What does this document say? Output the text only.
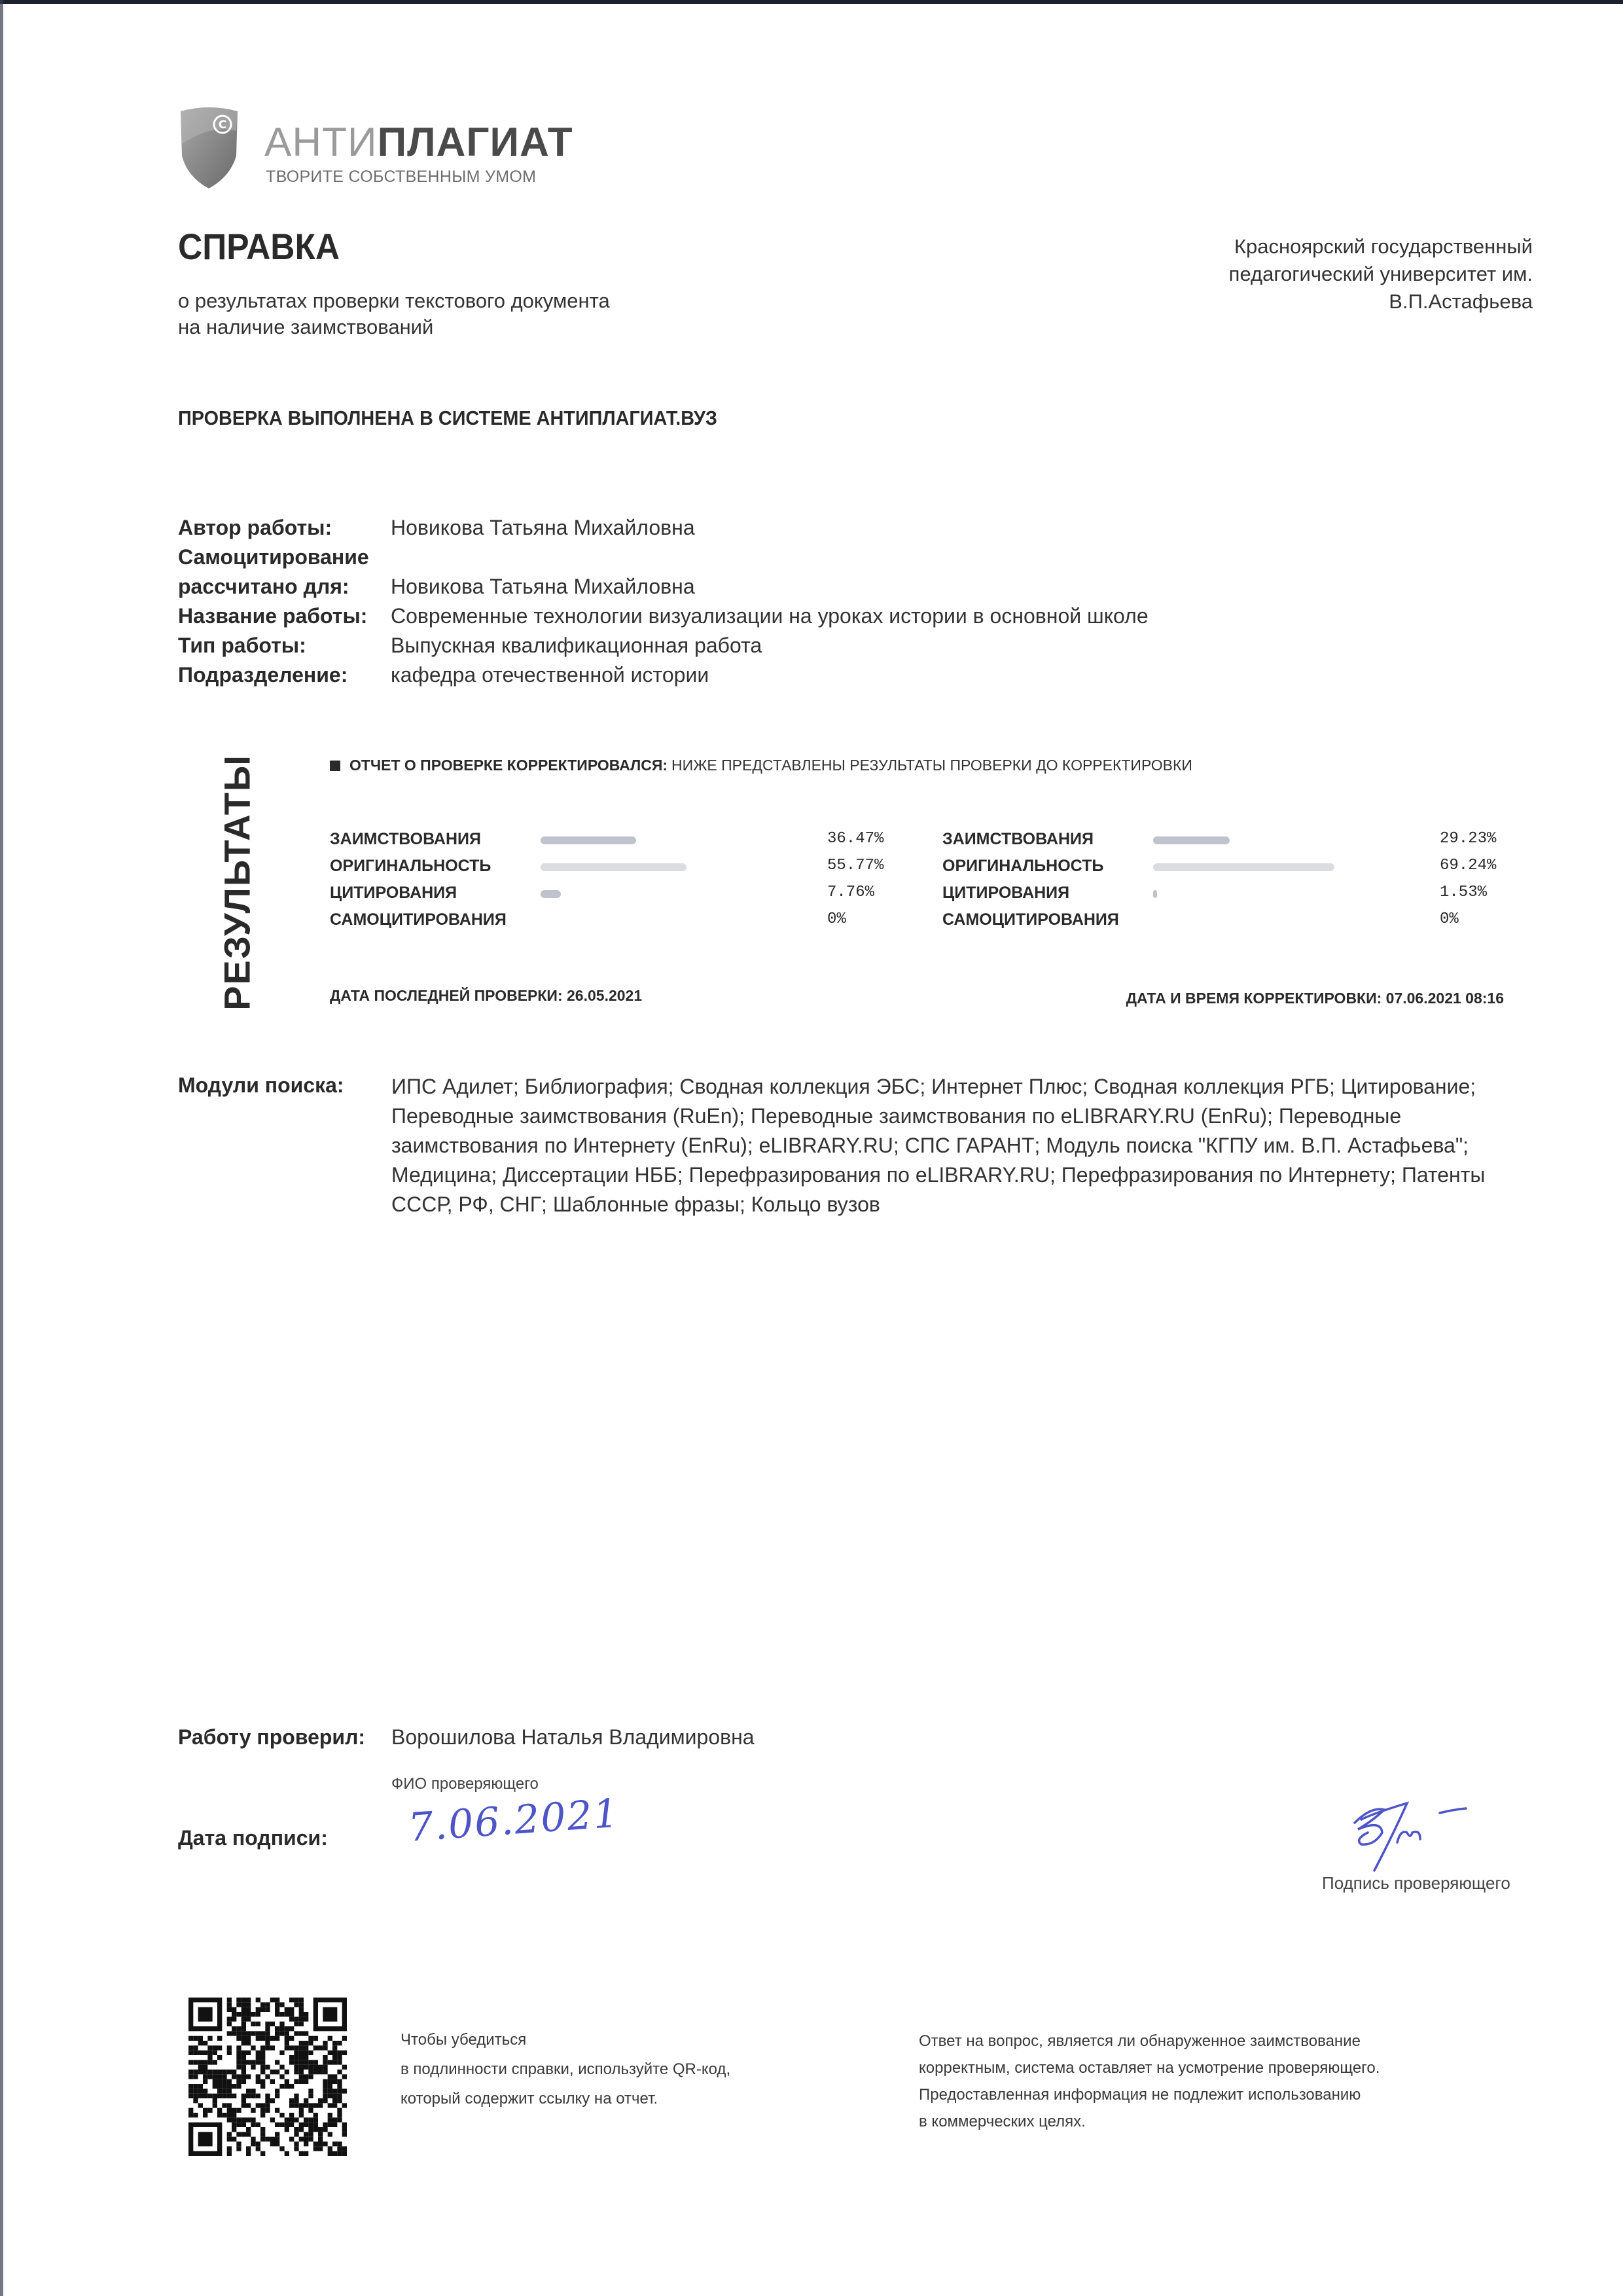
C АНТИПЛАГИАТ
ТВОРИТЕ СОБСТВЕННЫМ УМОМ
СПРАВКА
о результатах проверки текстового документа
на наличие заимствований
Красноярский государственный
педагогический университет им.
В.П.Астафьева
ПРОВЕРКА ВЫПОЛНЕНА В СИСТЕМЕ АНТИПЛАГИАТ.ВУЗ
Автор работы:	Новикова Татьяна Михайловна
Самоцитирование
рассчитано для:	Новикова Татьяна Михайловна
Название работы:	Современные технологии визуализации на уроках истории в основной школе
Тип работы:	Выпускная квалификационная работа
Подразделение:	кафедра отечественной истории
РЕЗУЛЬТАТЫ	ОТЧЕТ О ПРОВЕРКЕ КОРРЕКТИРОВАЛСЯ: НИЖЕ ПРЕДСТАВЛЕНЫ РЕЗУЛЬТАТЫ ПРОВЕРКИ ДО КОРРЕКТИРОВКИ
ЗАИМСТВОВАНИЯ	36.47%
ОРИГИНАЛЬНОСТЬ	55.77%
ЦИТИРОВАНИЯ	7.76%
САМОЦИТИРОВАНИЯ	0%
ЗАИМСТВОВАНИЯ	29.23%
ОРИГИНАЛЬНОСТЬ	69.24%
ЦИТИРОВАНИЯ	1.53%
САМОЦИТИРОВАНИЯ	0%
ДАТА ПОСЛЕДНЕЙ ПРОВЕРКИ: 26.05.2021	ДАТА И ВРЕМЯ КОРРЕКТИРОВКИ: 07.06.2021 08:16
Модули поиска: ИПС Адилет; Библиография; Сводная коллекция ЭБС; Интернет Плюс; Сводная коллекция РГБ; Цитирование; Переводные заимствования (RuEn); Переводные заимствования по eLIBRARY.RU (EnRu); Переводные заимствования по Интернету (EnRu); eLIBRARY.RU; СПС ГАРАНТ; Модуль поиска "КГПУ им. В.П. Астафьева"; Медицина; Диссертации НББ; Перефразирования по eLIBRARY.RU; Перефразирования по Интернету; Патенты СССР, РФ, СНГ; Шаблонные фразы; Кольцо вузов
Работу проверил: Ворошилова Наталья Владимировна
ФИО проверяющего
Дата подписи: 7.06.2021
Подпись проверяющего
Чтобы убедиться
в подлинности справки, используйте QR-код,
который содержит ссылку на отчет.
Ответ на вопрос, является ли обнаруженное заимствование
корректным, система оставляет на усмотрение проверяющего.
Предоставленная информация не подлежит использованию
в коммерческих целях.
